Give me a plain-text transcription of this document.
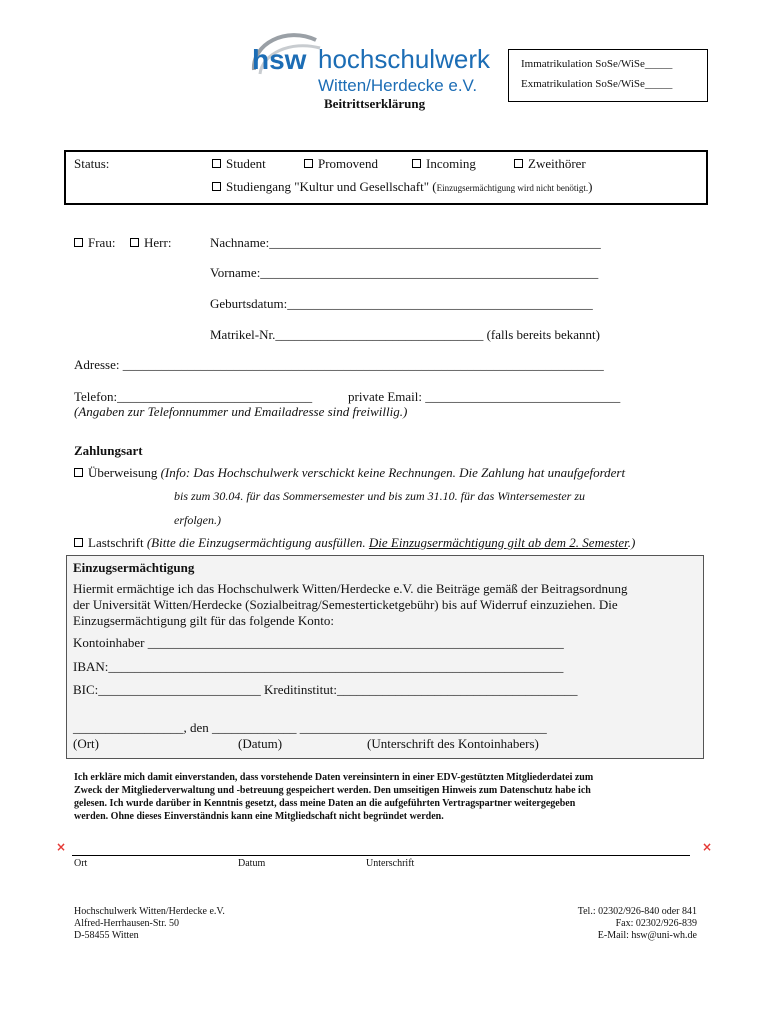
hsw hochschulwerk
Witten/Herdecke e.V.
Immatrikulation SoSe/WiSe_____
Exmatrikulation SoSe/WiSe_____
Beitrittserklärung
Status:	Student	Promovend	Incoming	Zweithörer
Studiengang "Kultur und Gesellschaft" (Einzugsermächtigung wird nicht benötigt.)
Frau:	Herr:	Nachname:___________________________________________________
Vorname:____________________________________________________
Geburtsdatum:_______________________________________________
Matrikel-Nr.________________________________ (falls bereits bekannt)
Adresse: __________________________________________________________________________
Telefon:______________________________	private Email: ______________________________
(Angaben zur Telefonnummer und Emailadresse sind freiwillig.)
Zahlungsart
Überweisung (Info: Das Hochschulwerk verschickt keine Rechnungen. Die Zahlung hat unaufgefordert
bis zum 30.04. für das Sommersemester und bis zum 31.10. für das Wintersemester zu
erfolgen.)
Lastschrift (Bitte die Einzugsermächtigung ausfüllen. Die Einzugsermächtigung gilt ab dem 2. Semester.)
Einzugsermächtigung
Hiermit ermächtige ich das Hochschulwerk Witten/Herdecke e.V. die Beiträge gemäß der Beitragsordnung
der Universität Witten/Herdecke (Sozialbeitrag/Semesterticketgebühr) bis auf Widerruf einzuziehen. Die
Einzugsermächtigung gilt für das folgende Konto:
Kontoinhaber ________________________________________________________________
IBAN:______________________________________________________________________
BIC:_________________________ Kreditinstitut:_____________________________________
_________________, den _____________ ______________________________________
(Ort)	(Datum)	(Unterschrift des Kontoinhabers)
Ich erkläre mich damit einverstanden, dass vorstehende Daten vereinsintern in einer EDV-gestützten Mitgliederdatei zum
Zweck der Mitgliederverwaltung und -betreuung gespeichert werden. Den umseitigen Hinweis zum Datenschutz habe ich
gelesen. Ich wurde darüber in Kenntnis gesetzt, dass meine Daten an die aufgeführten Vertragspartner weitergegeben
werden. Ohne dieses Einverständnis kann eine Mitgliedschaft nicht begründet werden.
×	×
Ort	Datum	Unterschrift
Hochschulwerk Witten/Herdecke e.V.
Alfred-Herrhausen-Str. 50
D-58455 Witten
Tel.: 02302/926-840 oder 841
Fax: 02302/926-839
E-Mail: hsw@uni-wh.de
